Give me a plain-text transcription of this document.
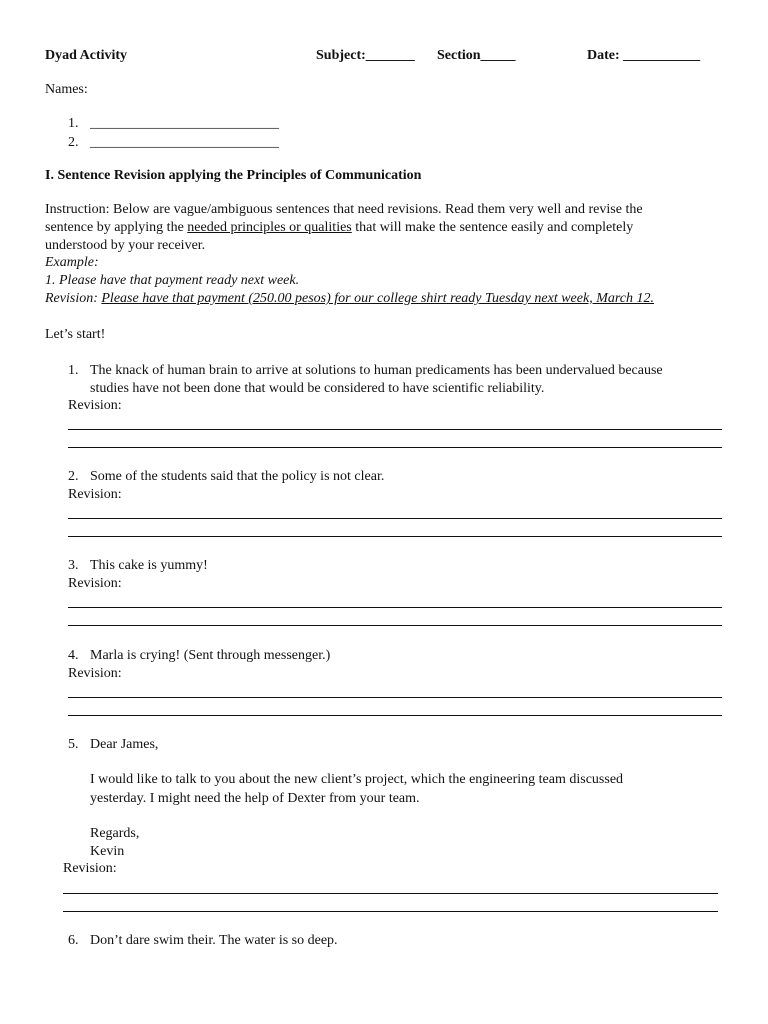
Dyad Activity	Subject:_______ Section_____	Date: ___________
Names:
1. ___________________________
2. ___________________________
I. Sentence Revision applying the Principles of Communication
Instruction: Below are vague/ambiguous sentences that need revisions. Read them very well and revise the
sentence by applying the needed principles or qualities that will make the sentence easily and completely
understood by your receiver.
Example:
1. Please have that payment ready next week.
Revision: Please have that payment (250.00 pesos) for our college shirt ready Tuesday next week, March 12.
Let’s start!
1. The knack of human brain to arrive at solutions to human predicaments has been undervalued because
studies have not been done that would be considered to have scientific reliability.
Revision:
2. Some of the students said that the policy is not clear.
Revision:
3. This cake is yummy!
Revision:
4. Marla is crying! (Sent through messenger.)
Revision:
5. Dear James,
I would like to talk to you about the new client’s project, which the engineering team discussed
yesterday. I might need the help of Dexter from your team.
Regards,
Kevin
Revision:
6. Don’t dare swim their. The water is so deep.
